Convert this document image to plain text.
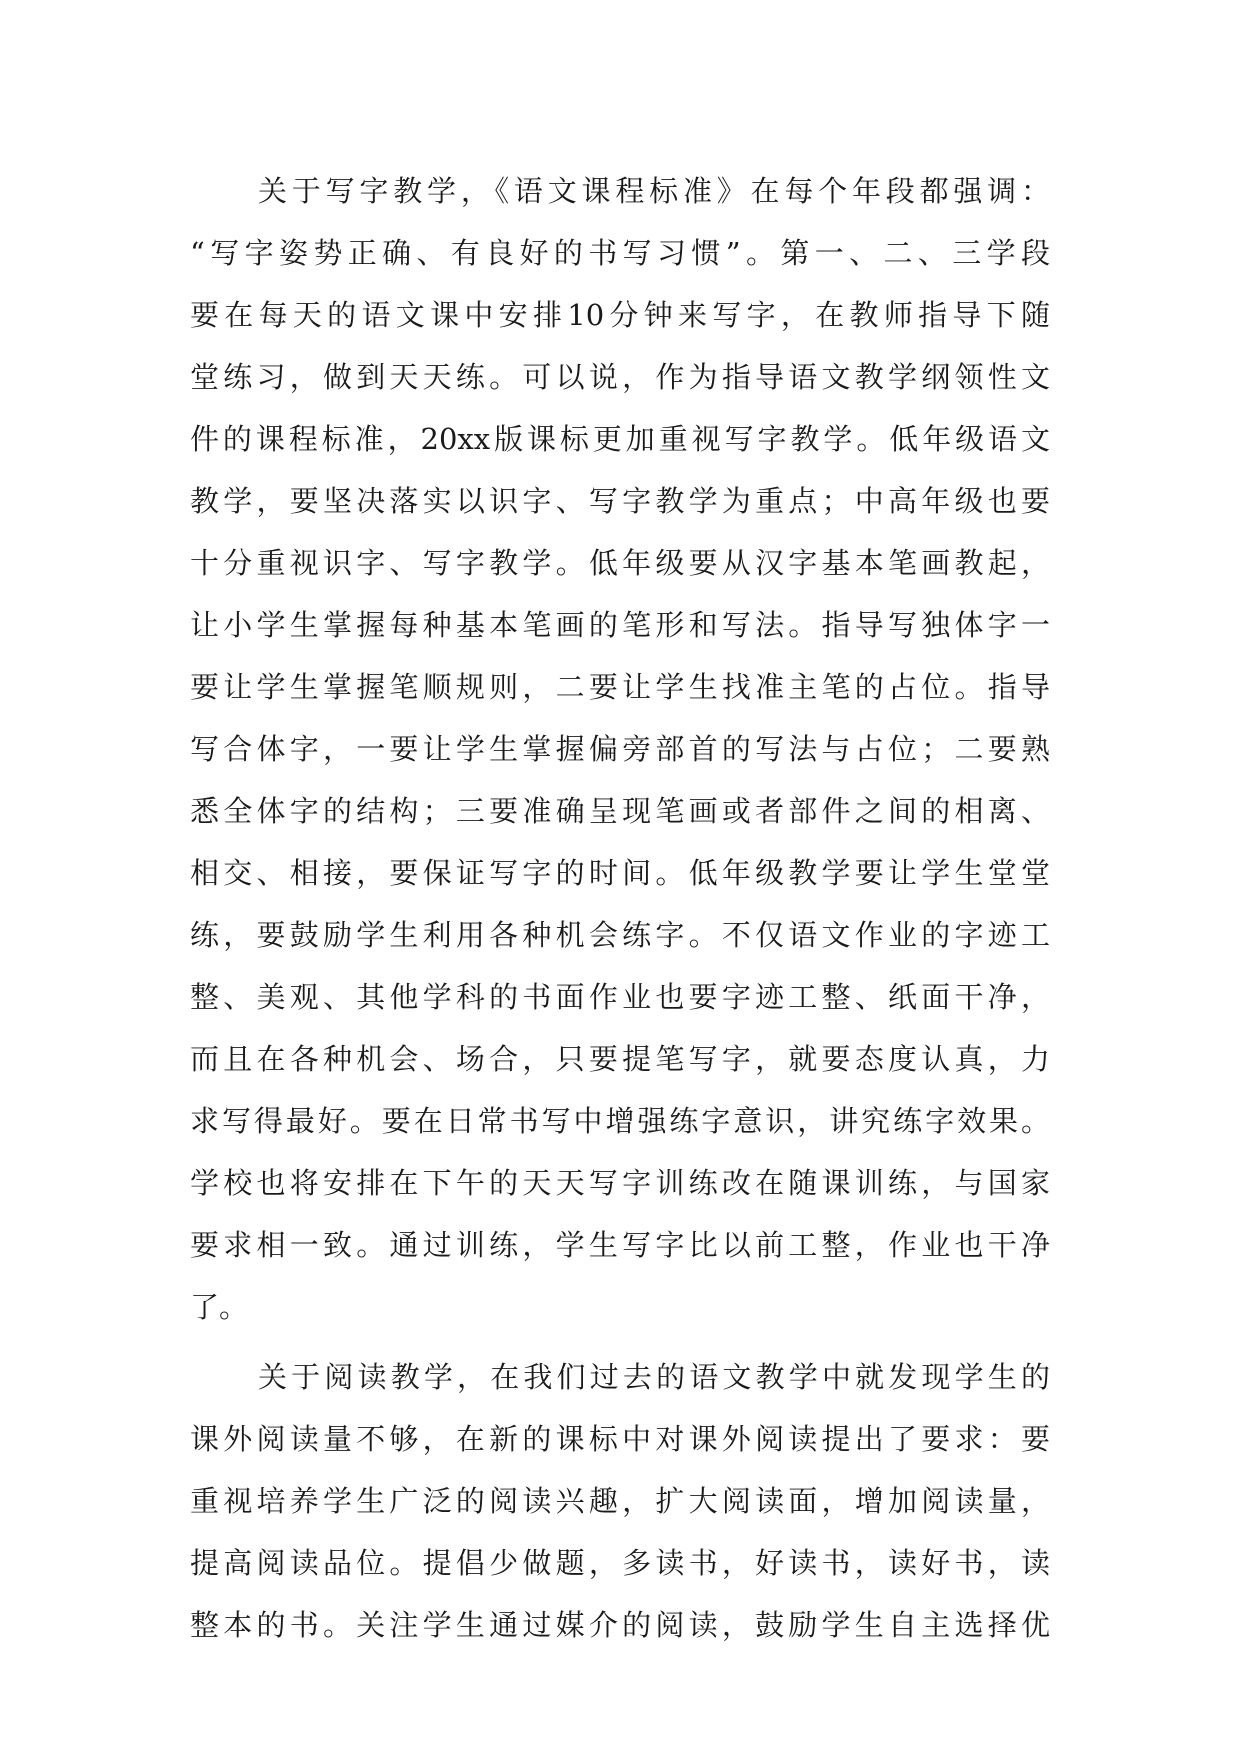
关于写字教学，《语文课程标准》在每个年段都强调：
“写字姿势正确、有良好的书写习惯”。第一、二、三学段
要在每天的语文课中安排10分钟来写字，在教师指导下随
堂练习，做到天天练。可以说，作为指导语文教学纲领性文
件的课程标准，20xx版课标更加重视写字教学。低年级语文
教学，要坚决落实以识字、写字教学为重点；中高年级也要
十分重视识字、写字教学。低年级要从汉字基本笔画教起，
让小学生掌握每种基本笔画的笔形和写法。指导写独体字一
要让学生掌握笔顺规则，二要让学生找准主笔的占位。指导
写合体字，一要让学生掌握偏旁部首的写法与占位；二要熟
悉全体字的结构；三要准确呈现笔画或者部件之间的相离、
相交、相接，要保证写字的时间。低年级教学要让学生堂堂
练，要鼓励学生利用各种机会练字。不仅语文作业的字迹工
整、美观、其他学科的书面作业也要字迹工整、纸面干净，
而且在各种机会、场合，只要提笔写字，就要态度认真，力
求写得最好。要在日常书写中增强练字意识，讲究练字效果。
学校也将安排在下午的天天写字训练改在随课训练，与国家
要求相一致。通过训练，学生写字比以前工整，作业也干净
了。
关于阅读教学，在我们过去的语文教学中就发现学生的
课外阅读量不够，在新的课标中对课外阅读提出了要求：要
重视培养学生广泛的阅读兴趣，扩大阅读面，增加阅读量，
提高阅读品位。提倡少做题，多读书，好读书，读好书，读
整本的书。关注学生通过媒介的阅读，鼓励学生自主选择优
